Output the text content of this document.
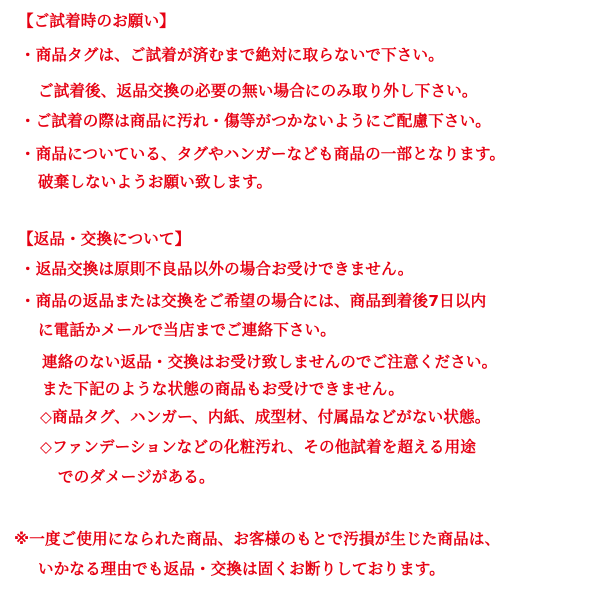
【ご試着時のお願い】
・商品タグは、ご試着が済むまで絶対に取らないで下さい。
ご試着後、返品交換の必要の無い場合にのみ取り外し下さい。
・ご試着の際は商品に汚れ・傷等がつかないようにご配慮下さい。
・商品についている、タグやハンガーなども商品の一部となります。
破棄しないようお願い致します。
【返品・交換について】
・返品交換は原則不良品以外の場合お受けできません。
・商品の返品または交換をご希望の場合には、商品到着後7日以内
に電話かメールで当店までご連絡下さい。
連絡のない返品・交換はお受け致しませんのでご注意ください。
また下記のような状態の商品もお受けできません。
◇商品タグ、ハンガー、内紙、成型材、付属品などがない状態。
◇ファンデーションなどの化粧汚れ、その他試着を超える用途
でのダメージがある。
※一度ご使用になられた商品、お客様のもとで汚損が生じた商品は、
いかなる理由でも返品・交換は固くお断りしております。
